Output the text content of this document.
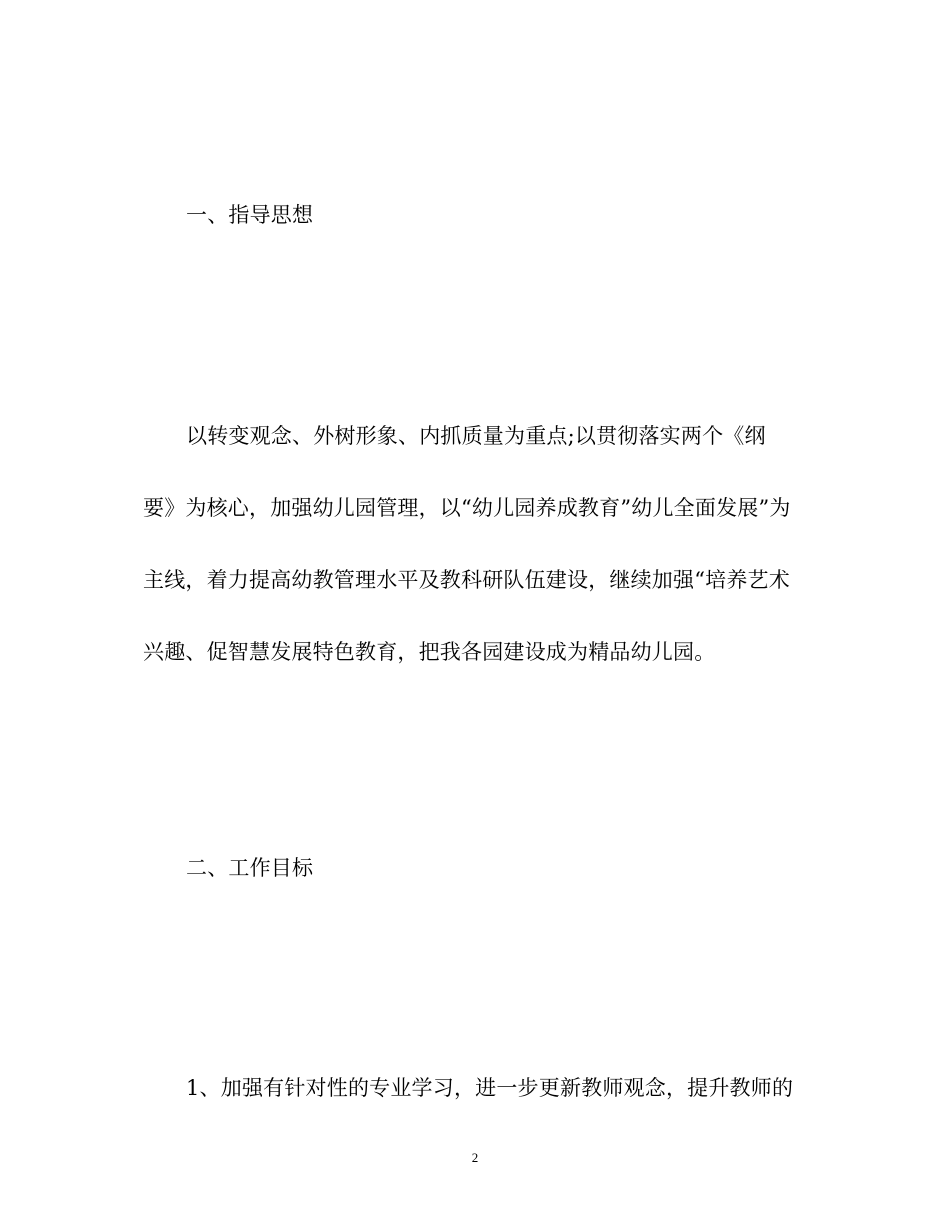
一、指导思想
以转变观念、外树形象、内抓质量为重点;以贯彻落实两个《纲
要》为核心，加强幼儿园管理，以“幼儿园养成教育”幼儿全面发展”为
主线，着力提高幼教管理水平及教科研队伍建设，继续加强“培养艺术
兴趣、促智慧发展特色教育，把我各园建设成为精品幼儿园。
二、工作目标
1、加强有针对性的专业学习，进一步更新教师观念，提升教师的
2
